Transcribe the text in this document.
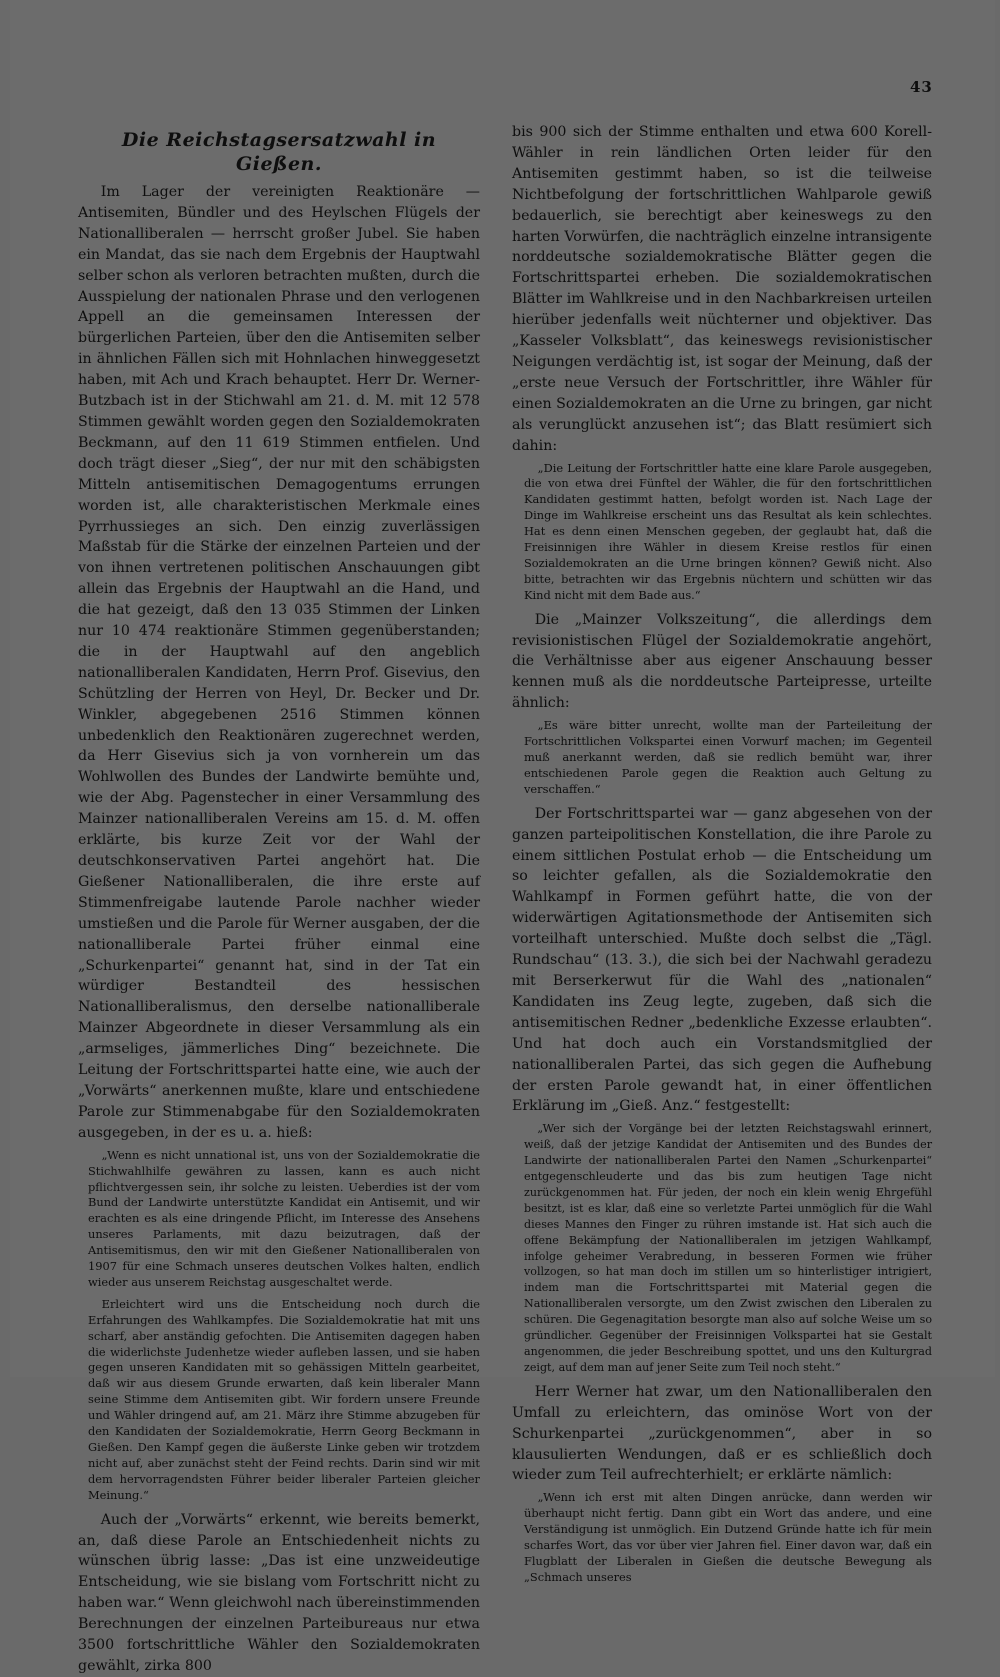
43
Die Reichstagsersatzwahl in Gießen.

Im Lager der vereinigten Reaktionäre — Antisemiten, Bündler und des Heylschen Flügels der Nationalliberalen — herrscht großer Jubel. Sie haben ein Mandat, das sie nach dem Ergebnis der Hauptwahl selber schon als verloren betrachten mußten, durch die Ausspielung der nationalen Phrase und den verlogenen Appell an die gemeinsamen Interessen der bürgerlichen Parteien, über den die Antisemiten selber in ähnlichen Fällen sich mit Hohnlachen hinweggesetzt haben, mit Ach und Krach behauptet. Herr Dr. Werner-Butzbach ist in der Stichwahl am 21. d. M. mit 12 578 Stimmen gewählt worden gegen den Sozialdemokraten Beckmann, auf den 11 619 Stimmen entfielen. Und doch trägt dieser „Sieg“, der nur mit den schäbigsten Mitteln antisemitischen Demagogentums errungen worden ist, alle charakteristischen Merkmale eines Pyrrhussieges an sich. Den einzig zuverlässigen Maßstab für die Stärke der einzelnen Parteien und der von ihnen vertretenen politischen Anschauungen gibt allein das Ergebnis der Hauptwahl an die Hand, und die hat gezeigt, daß den 13 035 Stimmen der Linken nur 10 474 reaktionäre Stimmen gegenüberstanden; die in der Hauptwahl auf den angeblich nationalliberalen Kandidaten, Herrn Prof. Gisevius, den Schützling der Herren von Heyl, Dr. Becker und Dr. Winkler, abgegebenen 2516 Stimmen können unbedenklich den Reaktionären zugerechnet werden, da Herr Gisevius sich ja von vornherein um das Wohlwollen des Bundes der Landwirte bemühte und, wie der Abg. Pagenstecher in einer Versammlung des Mainzer nationalliberalen Vereins am 15. d. M. offen erklärte, bis kurze Zeit vor der Wahl der deutschkonservativen Partei angehört hat. Die Gießener Nationalliberalen, die ihre erste auf Stimmenfreigabe lautende Parole nachher wieder umstießen und die Parole für Werner ausgaben, der die nationalliberale Partei früher einmal eine „Schurkenpartei“ genannt hat, sind in der Tat ein würdiger Bestandteil des hessischen Nationalliberalismus, den derselbe nationalliberale Mainzer Abgeordnete in dieser Versammlung als ein „armseliges, jämmerliches Ding“ bezeichnete. Die Leitung der Fortschrittspartei hatte eine, wie auch der „Vorwärts“ anerkennen mußte, klare und entschiedene Parole zur Stimmenabgabe für den Sozialdemokraten ausgegeben, in der es u. a. hieß:

„Wenn es nicht unnational ist, uns von der Sozialdemokratie die Stichwahlhilfe gewähren zu lassen, kann es auch nicht pflichtvergessen sein, ihr solche zu leisten. Ueberdies ist der vom Bund der Landwirte unterstützte Kandidat ein Antisemit, und wir erachten es als eine dringende Pflicht, im Interesse des Ansehens unseres Parlaments, mit dazu beizutragen, daß der Antisemitismus, den wir mit den Gießener Nationalliberalen von 1907 für eine Schmach unseres deutschen Volkes halten, endlich wieder aus unserem Reichstag ausgeschaltet werde.

Erleichtert wird uns die Entscheidung noch durch die Erfahrungen des Wahlkampfes. Die Sozialdemokratie hat mit uns scharf, aber anständig gefochten. Die Antisemiten dagegen haben die widerlichste Judenhetze wieder aufleben lassen, und sie haben gegen unseren Kandidaten mit so gehässigen Mitteln gearbeitet, daß wir aus diesem Grunde erwarten, daß kein liberaler Mann seine Stimme dem Antisemiten gibt. Wir fordern unsere Freunde und Wähler dringend auf, am 21. März ihre Stimme abzugeben für den Kandidaten der Sozialdemokratie, Herrn Georg Beckmann in Gießen. Den Kampf gegen die äußerste Linke geben wir trotzdem nicht auf, aber zunächst steht der Feind rechts. Darin sind wir mit dem hervorragendsten Führer beider liberaler Parteien gleicher Meinung.“

Auch der „Vorwärts“ erkennt, wie bereits bemerkt, an, daß diese Parole an Entschiedenheit nichts zu wünschen übrig lasse: „Das ist eine unzweideutige Entscheidung, wie sie bislang vom Fortschritt nicht zu haben war.“ Wenn gleichwohl nach übereinstimmenden Berechnungen der einzelnen Parteibureaus nur etwa 3500 fortschrittliche Wähler den Sozialdemokraten gewählt, zirka 800

bis 900 sich der Stimme enthalten und etwa 600 Korell-Wähler in rein ländlichen Orten leider für den Antisemiten gestimmt haben, so ist die teilweise Nichtbefolgung der fortschrittlichen Wahlparole gewiß bedauerlich, sie berechtigt aber keineswegs zu den harten Vorwürfen, die nachträglich einzelne intransigente norddeutsche sozialdemokratische Blätter gegen die Fortschrittspartei erheben. Die sozialdemokratischen Blätter im Wahlkreise und in den Nachbarkreisen urteilen hierüber jedenfalls weit nüchterner und objektiver. Das „Kasseler Volksblatt“, das keineswegs revisionistischer Neigungen verdächtig ist, ist sogar der Meinung, daß der „erste neue Versuch der Fortschrittler, ihre Wähler für einen Sozialdemokraten an die Urne zu bringen, gar nicht als verunglückt anzusehen ist“; das Blatt resümiert sich dahin:

„Die Leitung der Fortschrittler hatte eine klare Parole ausgegeben, die von etwa drei Fünftel der Wähler, die für den fortschrittlichen Kandidaten gestimmt hatten, befolgt worden ist. Nach Lage der Dinge im Wahlkreise erscheint uns das Resultat als kein schlechtes. Hat es denn einen Menschen gegeben, der geglaubt hat, daß die Freisinnigen ihre Wähler in diesem Kreise restlos für einen Sozialdemokraten an die Urne bringen können? Gewiß nicht. Also bitte, betrachten wir das Ergebnis nüchtern und schütten wir das Kind nicht mit dem Bade aus.“

Die „Mainzer Volkszeitung“, die allerdings dem revisionistischen Flügel der Sozialdemokratie angehört, die Verhältnisse aber aus eigener Anschauung besser kennen muß als die norddeutsche Parteipresse, urteilte ähnlich:

„Es wäre bitter unrecht, wollte man der Parteileitung der Fortschrittlichen Volkspartei einen Vorwurf machen; im Gegenteil muß anerkannt werden, daß sie redlich bemüht war, ihrer entschiedenen Parole gegen die Reaktion auch Geltung zu verschaffen.“

Der Fortschrittspartei war — ganz abgesehen von der ganzen parteipolitischen Konstellation, die ihre Parole zu einem sittlichen Postulat erhob — die Entscheidung um so leichter gefallen, als die Sozialdemokratie den Wahlkampf in Formen geführt hatte, die von der widerwärtigen Agitationsmethode der Antisemiten sich vorteilhaft unterschied. Mußte doch selbst die „Tägl. Rundschau“ (13. 3.), die sich bei der Nachwahl geradezu mit Berserkerwut für die Wahl des „nationalen“ Kandidaten ins Zeug legte, zugeben, daß sich die antisemitischen Redner „bedenkliche Exzesse erlaubten“. Und hat doch auch ein Vorstandsmitglied der nationalliberalen Partei, das sich gegen die Aufhebung der ersten Parole gewandt hat, in einer öffentlichen Erklärung im „Gieß. Anz.“ festgestellt:

„Wer sich der Vorgänge bei der letzten Reichstagswahl erinnert, weiß, daß der jetzige Kandidat der Antisemiten und des Bundes der Landwirte der nationalliberalen Partei den Namen „Schurkenpartei“ entgegenschleuderte und das bis zum heutigen Tage nicht zurückgenommen hat. Für jeden, der noch ein klein wenig Ehrgefühl besitzt, ist es klar, daß eine so verletzte Partei unmöglich für die Wahl dieses Mannes den Finger zu rühren imstande ist. Hat sich auch die offene Bekämpfung der Nationalliberalen im jetzigen Wahlkampf, infolge geheimer Verabredung, in besseren Formen wie früher vollzogen, so hat man doch im stillen um so hinterlistiger intrigiert, indem man die Fortschrittspartei mit Material gegen die Nationalliberalen versorgte, um den Zwist zwischen den Liberalen zu schüren. Die Gegenagitation besorgte man also auf solche Weise um so gründlicher. Gegenüber der Freisinnigen Volkspartei hat sie Gestalt angenommen, die jeder Beschreibung spottet, und uns den Kulturgrad zeigt, auf dem man auf jener Seite zum Teil noch steht.“

Herr Werner hat zwar, um den Nationalliberalen den Umfall zu erleichtern, das ominöse Wort von der Schurkenpartei „zurückgenommen“, aber in so klausulierten Wendungen, daß er es schließlich doch wieder zum Teil aufrechterhielt; er erklärte nämlich:

„Wenn ich erst mit alten Dingen anrücke, dann werden wir überhaupt nicht fertig. Dann gibt ein Wort das andere, und eine Verständigung ist unmöglich. Ein Dutzend Gründe hatte ich für mein scharfes Wort, das vor über vier Jahren fiel. Einer davon war, daß ein Flugblatt der Liberalen in Gießen die deutsche Bewegung als „Schmach unseres
